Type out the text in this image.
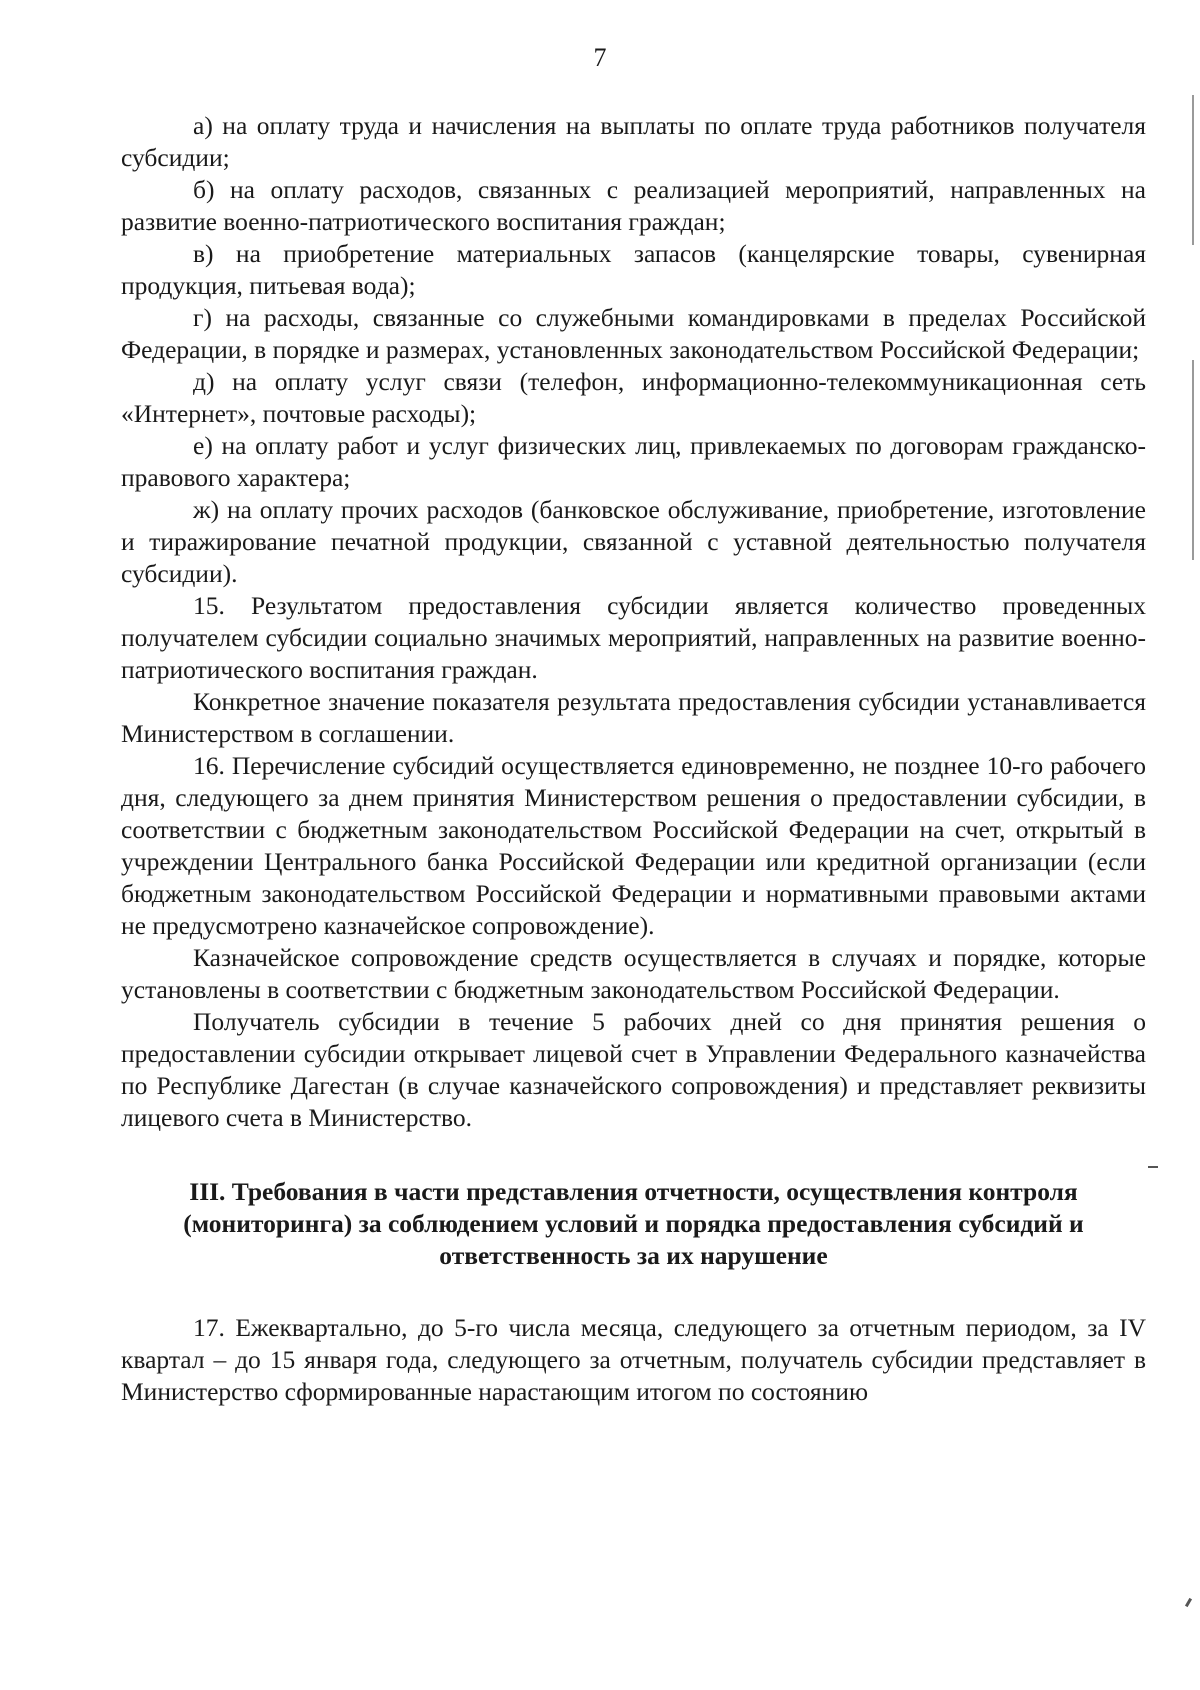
7

а) на оплату труда и начисления на выплаты по оплате труда работников получателя субсидии;

б) на оплату расходов, связанных с реализацией мероприятий, направленных на развитие военно-патриотического воспитания граждан;

в) на приобретение материальных запасов (канцелярские товары, сувенирная продукция, питьевая вода);

г) на расходы, связанные со служебными командировками в пределах Российской Федерации, в порядке и размерах, установленных законодательством Российской Федерации;

д) на оплату услуг связи (телефон, информационно-телекоммуникационная сеть «Интернет», почтовые расходы);

е) на оплату работ и услуг физических лиц, привлекаемых по договорам гражданско-правового характера;

ж) на оплату прочих расходов (банковское обслуживание, приобретение, изготовление и тиражирование печатной продукции, связанной с уставной деятельностью получателя субсидии).

15. Результатом предоставления субсидии является количество проведенных получателем субсидии социально значимых мероприятий, направленных на развитие военно-патриотического воспитания граждан.

Конкретное значение показателя результата предоставления субсидии устанавливается Министерством в соглашении.

16. Перечисление субсидий осуществляется единовременно, не позднее 10-го рабочего дня, следующего за днем принятия Министерством решения о предоставлении субсидии, в соответствии с бюджетным законодательством Российской Федерации на счет, открытый в учреждении Центрального банка Российской Федерации или кредитной организации (если бюджетным законодательством Российской Федерации и нормативными правовыми актами не предусмотрено казначейское сопровождение).

Казначейское сопровождение средств осуществляется в случаях и порядке, которые установлены в соответствии с бюджетным законодательством Российской Федерации.

Получатель субсидии в течение 5 рабочих дней со дня принятия решения о предоставлении субсидии открывает лицевой счет в Управлении Федерального казначейства по Республике Дагестан (в случае казначейского сопровождения) и представляет реквизиты лицевого счета в Министерство.

III. Требования в части представления отчетности, осуществления контроля
(мониторинга) за соблюдением условий и порядка предоставления субсидий и
ответственность за их нарушение

17. Ежеквартально, до 5-го числа месяца, следующего за отчетным периодом, за IV квартал – до 15 января года, следующего за отчетным, получатель субсидии представляет в Министерство сформированные нарастающим итогом по состоянию
